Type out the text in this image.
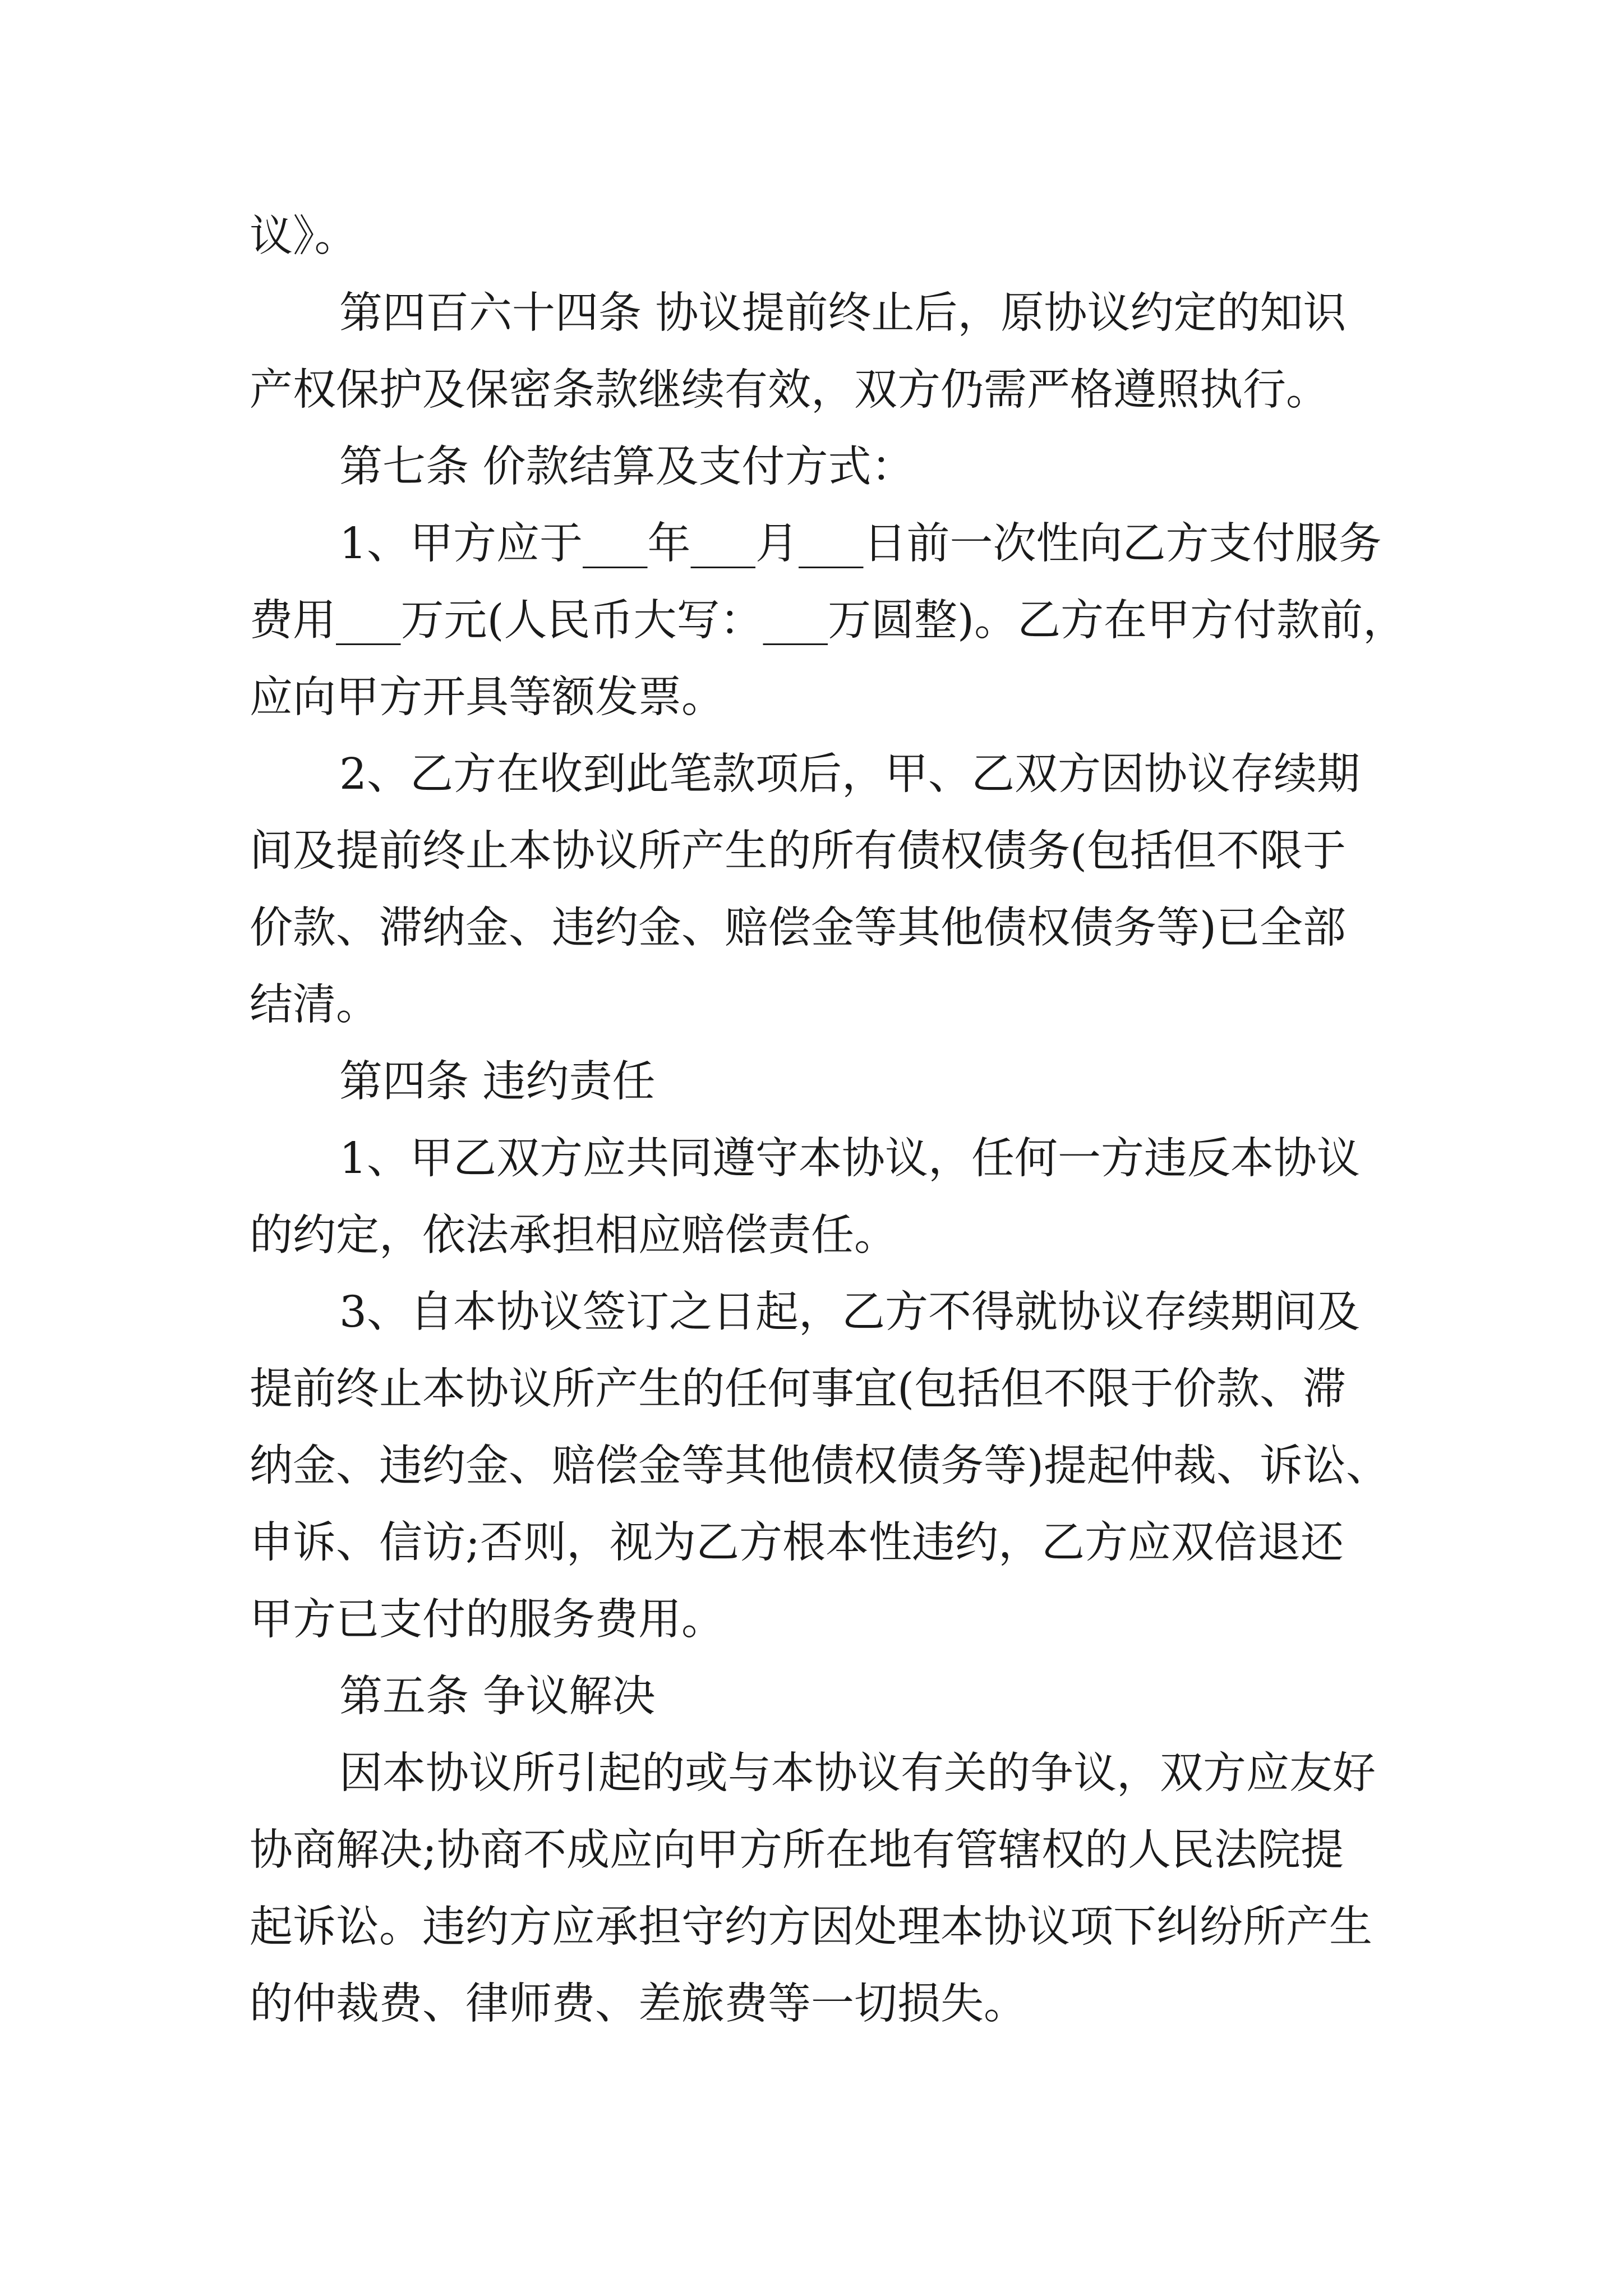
议》。
第四百六十四条 协议提前终止后，原协议约定的知识
产权保护及保密条款继续有效，双方仍需严格遵照执行。
第七条 价款结算及支付方式：
1、甲方应于___年___月___日前一次性向乙方支付服务
费用___万元(人民币大写：___万圆整)。乙方在甲方付款前，
应向甲方开具等额发票。
2、乙方在收到此笔款项后，甲、乙双方因协议存续期
间及提前终止本协议所产生的所有债权债务(包括但不限于
价款、滞纳金、违约金、赔偿金等其他债权债务等)已全部
结清。
第四条 违约责任
1、甲乙双方应共同遵守本协议，任何一方违反本协议
的约定，依法承担相应赔偿责任。
3、自本协议签订之日起，乙方不得就协议存续期间及
提前终止本协议所产生的任何事宜(包括但不限于价款、滞
纳金、违约金、赔偿金等其他债权债务等)提起仲裁、诉讼、
申诉、信访;否则，视为乙方根本性违约，乙方应双倍退还
甲方已支付的服务费用。
第五条 争议解决
因本协议所引起的或与本协议有关的争议，双方应友好
协商解决;协商不成应向甲方所在地有管辖权的人民法院提
起诉讼。违约方应承担守约方因处理本协议项下纠纷所产生
的仲裁费、律师费、差旅费等一切损失。
